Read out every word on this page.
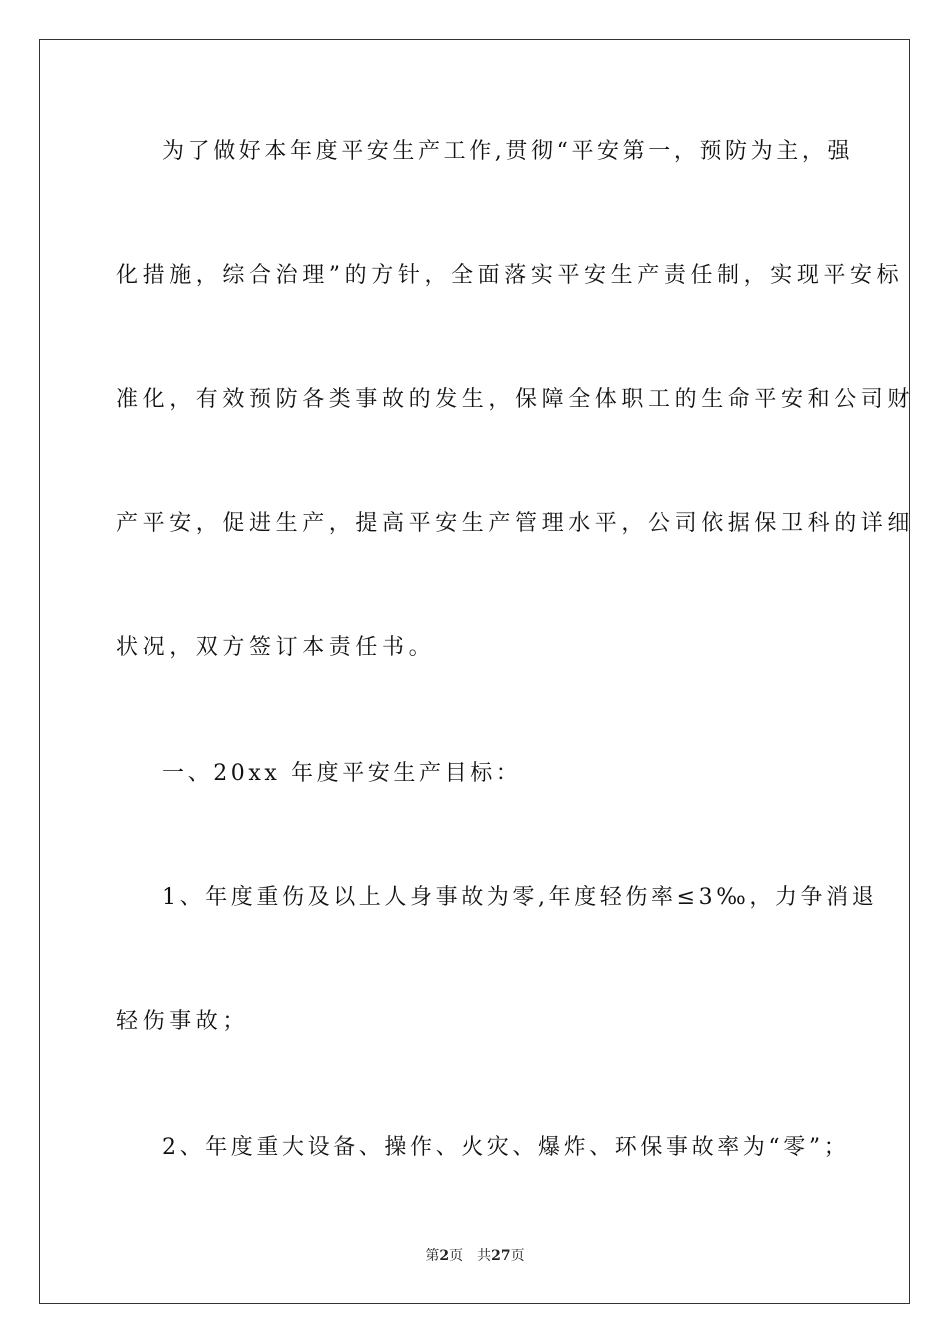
为了做好本年度平安生产工作,贯彻“平安第一，预防为主，强
化措施，综合治理”的方针，全面落实平安生产责任制，实现平安标
准化，有效预防各类事故的发生，保障全体职工的生命平安和公司财
产平安，促进生产，提高平安生产管理水平，公司依据保卫科的详细
状况，双方签订本责任书。
一、20xx 年度平安生产目标：
1、年度重伤及以上人身事故为零,年度轻伤率≤3‰，力争消退
轻伤事故；
2、年度重大设备、操作、火灾、爆炸、环保事故率为“零”；
第2页　共27页
